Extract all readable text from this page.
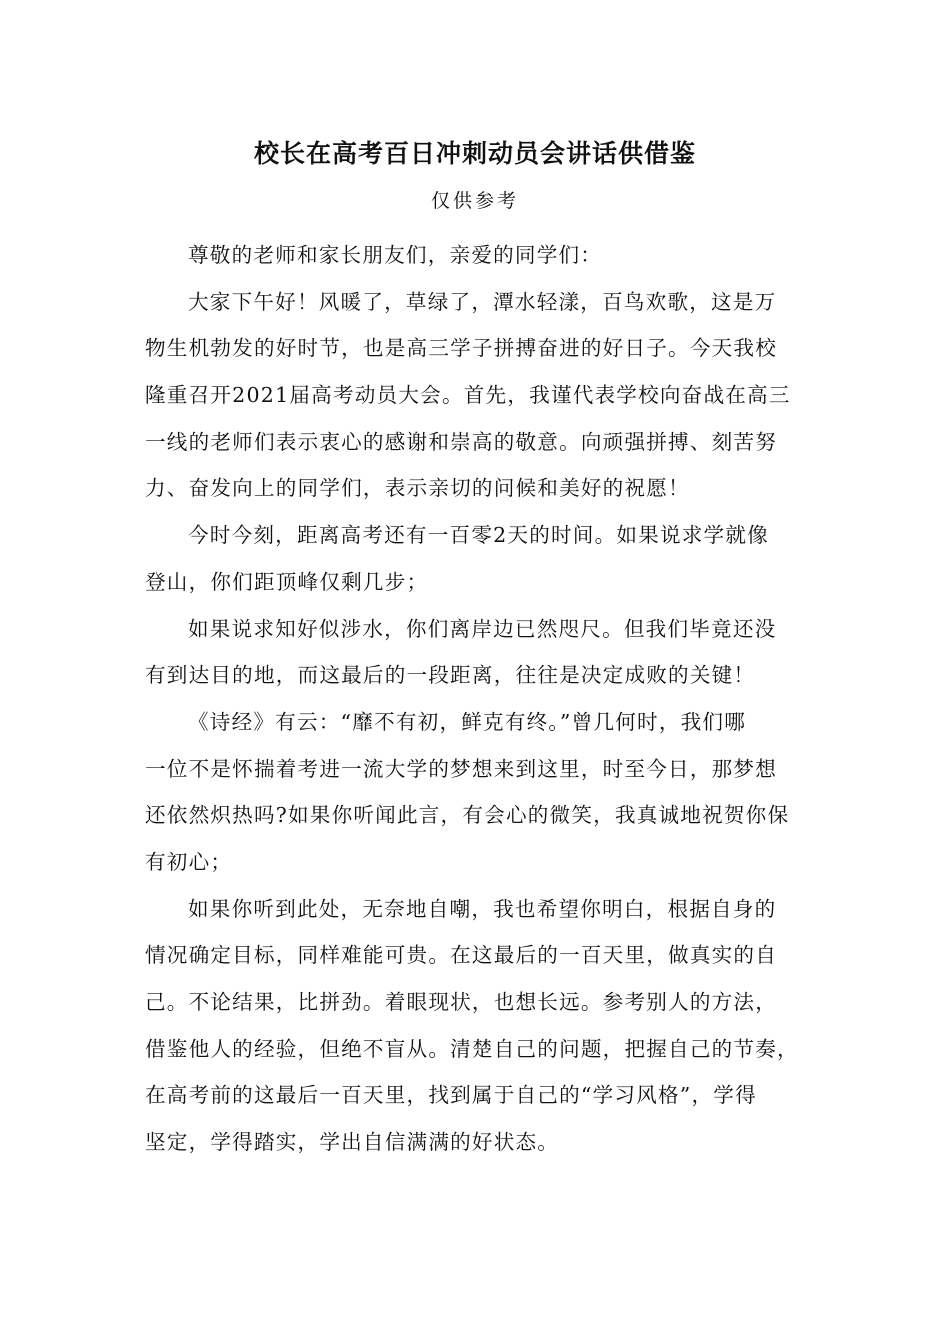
校长在高考百日冲刺动员会讲话供借鉴
仅供参考
尊敬的老师和家长朋友们，亲爱的同学们：
大家下午好！风暖了，草绿了，潭水轻漾，百鸟欢歌，这是万
物生机勃发的好时节，也是高三学子拼搏奋进的好日子。今天我校
隆重召开2021届高考动员大会。首先，我谨代表学校向奋战在高三
一线的老师们表示衷心的感谢和崇高的敬意。向顽强拼搏、刻苦努
力、奋发向上的同学们，表示亲切的问候和美好的祝愿！
今时今刻，距离高考还有一百零2天的时间。如果说求学就像
登山，你们距顶峰仅剩几步；
如果说求知好似涉水，你们离岸边已然咫尺。但我们毕竟还没
有到达目的地，而这最后的一段距离，往往是决定成败的关键！
《诗经》有云：“靡不有初，鲜克有终。”曾几何时，我们哪
一位不是怀揣着考进一流大学的梦想来到这里，时至今日，那梦想
还依然炽热吗?如果你听闻此言，有会心的微笑，我真诚地祝贺你保
有初心；
如果你听到此处，无奈地自嘲，我也希望你明白，根据自身的
情况确定目标，同样难能可贵。在这最后的一百天里，做真实的自
己。不论结果，比拼劲。着眼现状，也想长远。参考别人的方法，
借鉴他人的经验，但绝不盲从。清楚自己的问题，把握自己的节奏，
在高考前的这最后一百天里，找到属于自己的“学习风格”，学得
坚定，学得踏实，学出自信满满的好状态。
